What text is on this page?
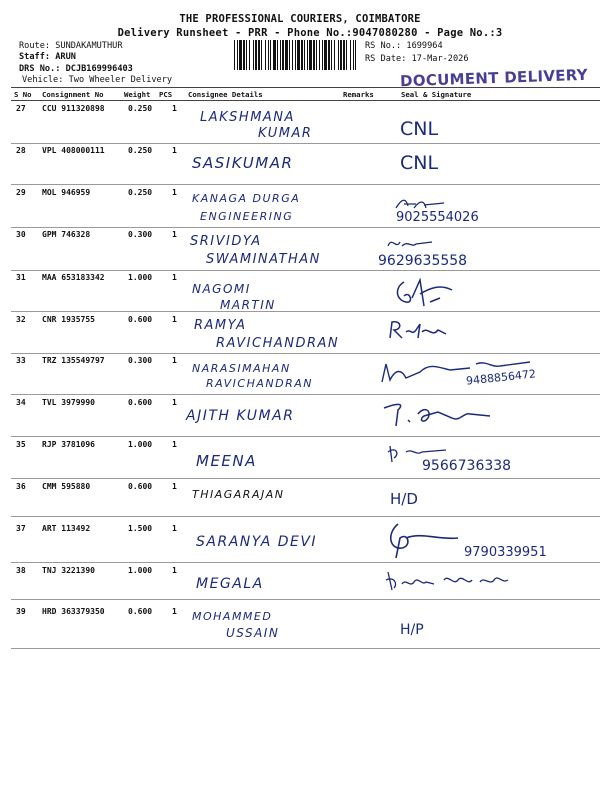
THE PROFESSIONAL COURIERS, COIMBATORE
Delivery Runsheet - PRR - Phone No.:9047080280 - Page No.:3
Route: SUNDAKAMUTHUR
Staff: ARUN
DRS No.: DCJB169996403
RS No.: 1699964
RS Date: 17-Mar-2026
DOCUMENT DELIVERY
Vehicle: Two Wheeler Delivery
S No Consignment No	Weight PCS Consignee Details	Remarks	Seal & Signature
27 CCU 911320898	0.250 1
LAKSHMANA
KUMAR	CNL
28 VPL 408000111	0.250 1
SASIKUMAR	CNL
29 MOL 946959	0.250 1 KANAGA DURGA
ENGINEERING	9025554026
30 GPM 746328	0.300 1 SRIVIDYA
SWAMINATHAN	9629635558
31 MAA 653183342	1.000 1
NAGOMI
MARTIN
32 CNR 1935755	0.600 1 RAMYA
RAVICHANDRAN
33 TRZ 135549797	0.300 1
NARASIMAHAN
RAVICHANDRAN	9488856472
34 TVL 3979990	0.600 1
AJITH KUMAR
35 RJP 3781096	1.000 1
MEENA	9566736338
36 CMM 595880	0.600 1
THIAGARAJAN	H/D
37 ART 113492	1.500 1
SARANYA DEVI
9790339951
38 TNJ 3221390	1.000 1
MEGALA
39 HRD 363379350	0.600 1 MOHAMMED
USSAIN	H/P
